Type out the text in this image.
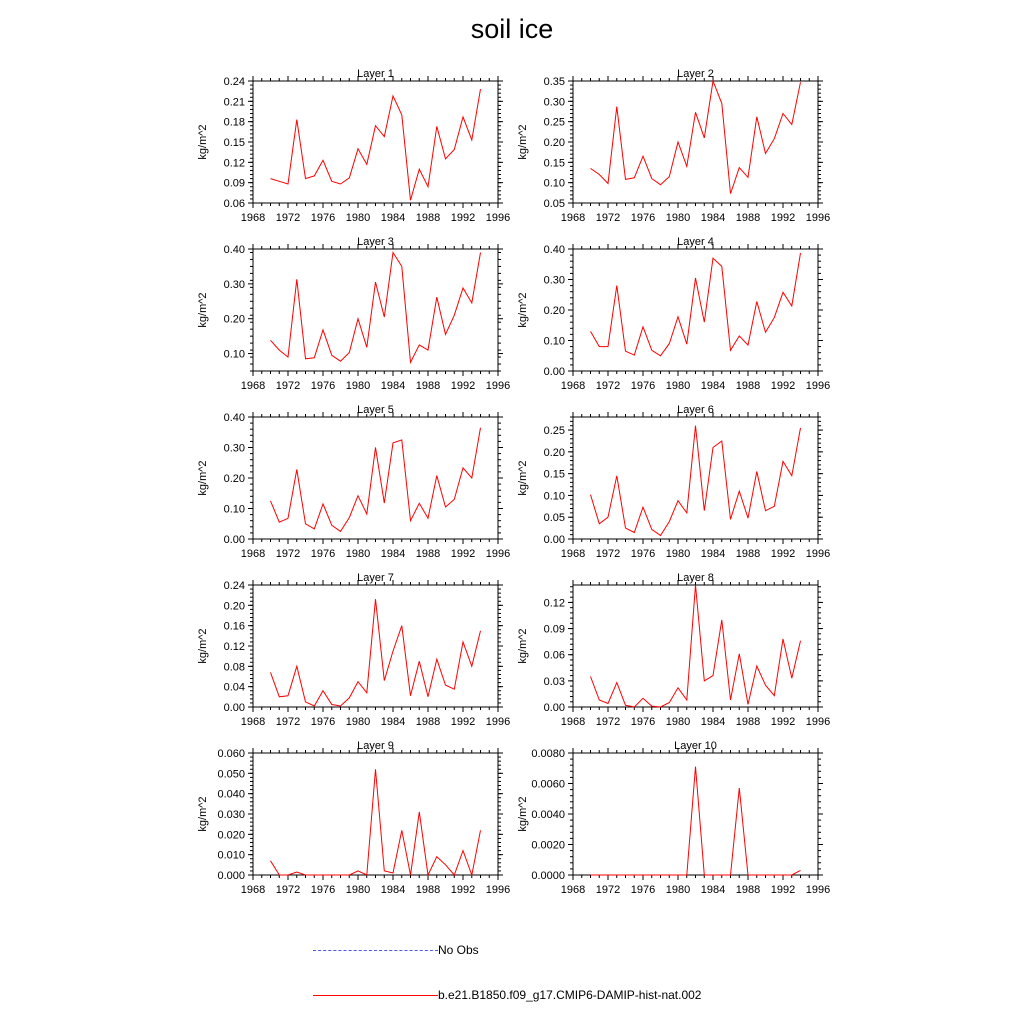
soil ice
Layer 1
kg/m^2
1968 1972 1976 1980 1984 1988 1992 1996
0.06
0.09
0.12
0.15
0.18
0.21
0.24
Layer 2
kg/m^2
1968 1972 1976 1980 1984 1988 1992 1996
0.05
0.10
0.15
0.20
0.25
0.30
0.35
Layer 3
kg/m^2
1968 1972 1976 1980 1984 1988 1992 1996
0.10
0.20
0.30
0.40
Layer 4
kg/m^2
1968 1972 1976 1980 1984 1988 1992 1996
0.00
0.10
0.20
0.30
0.40
Layer 5
kg/m^2
1968 1972 1976 1980 1984 1988 1992 1996
0.00
0.10
0.20
0.30
0.40
Layer 6
kg/m^2
1968 1972 1976 1980 1984 1988 1992 1996
0.00
0.05
0.10
0.15
0.20
0.25
Layer 7
kg/m^2
1968 1972 1976 1980 1984 1988 1992 1996
0.00
0.04
0.08
0.12
0.16
0.20
0.24
Layer 8
kg/m^2
1968 1972 1976 1980 1984 1988 1992 1996
0.00
0.03
0.06
0.09
0.12
Layer 9
kg/m^2
1968 1972 1976 1980 1984 1988 1992 1996
0.000
0.010
0.020
0.030
0.040
0.050
0.060
Layer 10
kg/m^2
1968 1972 1976 1980 1984 1988 1992 1996
0.0000
0.0020
0.0040
0.0060
0.0080
No Obs
b.e21.B1850.f09_g17.CMIP6-DAMIP-hist-nat.002
